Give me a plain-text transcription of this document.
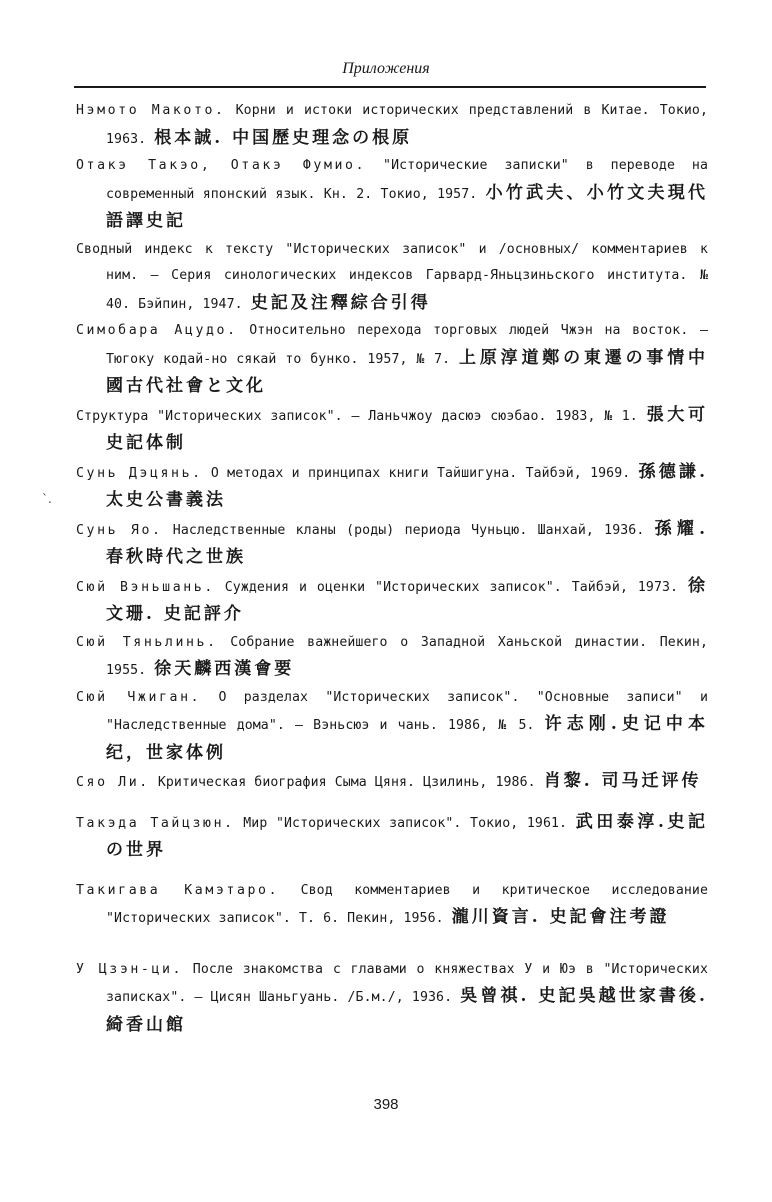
Приложения
ˋ.

Нэмото Макото. Корни и истоки исторических представлений в Китае. Токио, 1963. 根本誠. 中国歷史理念の根原

Отакэ Такэо, Отакэ Фумио. "Исторические записки" в переводе на современный японский язык. Кн. 2. Токио, 1957. 小竹武夫、小竹文夫現代語譯史記

Сводный индекс к тексту "Исторических записок" и /основных/ комментариев к ним. — Серия синологических индексов Гарвард-Яньцзиньского института. № 40. Бэйпин, 1947. 史記及注釋綜合引得

Симобара Ацудо. Относительно перехода торговых людей Чжэн на восток. — Тюгоку кодай-но сякай то бунко. 1957, № 7. 上原淳道鄭の東遷の事情中國古代社會と文化

Структура "Исторических записок". — Ланьчжоу дасюэ сюэбао. 1983, № 1. 張大可史記体制

Сунь Дэцянь. О методах и принципах книги Тайшигуна. Тайбэй, 1969. 孫德謙. 太史公書義法

Сунь Яо. Наследственные кланы (роды) периода Чуньцю. Шанхай, 1936. 孫耀. 春秋時代之世族

Сюй Вэньшань. Суждения и оценки "Исторических записок". Тайбэй, 1973. 徐文珊. 史記評介

Сюй Тяньлинь. Собрание важнейшего о Западной Ханьской династии. Пекин, 1955. 徐天麟西漢會要

Сюй Чжиган. О разделах "Исторических записок". "Основные записи" и "Наследственные дома". — Вэньсюэ и чань. 1986, № 5. 许志刚.史记中本纪，世家体例

Сяо Ли. Критическая биография Сыма Цяня. Цзилинь, 1986. 肖黎. 司马迁评传

Такэда Тайцзюн. Мир "Исторических записок". Токио, 1961. 武田泰淳.史記の世界

Такигава Камэтаро. Свод комментариев и критическое исследование "Исторических записок". Т. 6. Пекин, 1956. 瀧川資言. 史記會注考證

У Цзэн-ци. После знакомства с главами о княжествах У и Юэ в "Исторических записках". — Цисян Шаньгуань. /Б.м./, 1936. 吳曾祺. 史記吳越世家書後. 綺香山館

398
